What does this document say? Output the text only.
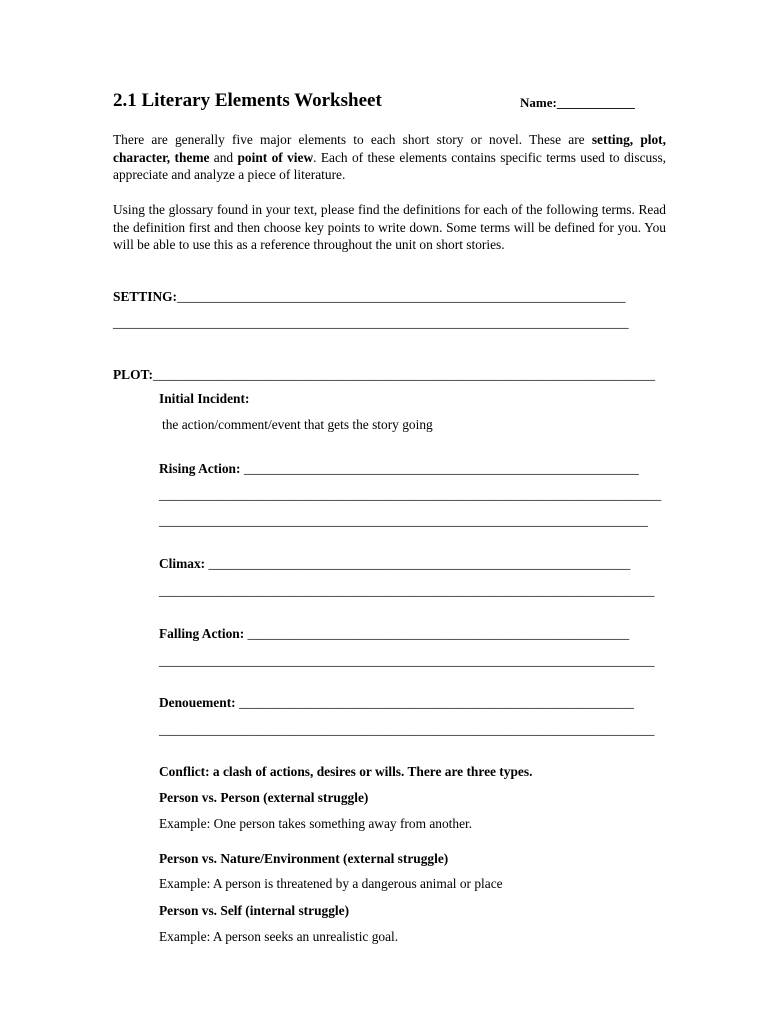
2.1 Literary Elements Worksheet	Name:____________

There are generally five major elements to each short story or novel. These are setting, plot, character, theme and point of view. Each of these elements contains specific terms used to discuss, appreciate and analyze a piece of literature.

Using the glossary found in your text, please find the definitions for each of the following terms. Read the definition first and then choose key points to write down. Some terms will be defined for you. You will be able to use this as a reference throughout the unit on short stories.

SETTING:___________________________________________________________________
_____________________________________________________________________________
PLOT:___________________________________________________________________________
Initial Incident:
the action/comment/event that gets the story going
Rising Action: ___________________________________________________________
___________________________________________________________________________
_________________________________________________________________________
Climax: _______________________________________________________________
__________________________________________________________________________
Falling Action: _________________________________________________________
__________________________________________________________________________
Denouement: ___________________________________________________________
__________________________________________________________________________
Conflict: a clash of actions, desires or wills. There are three types.
Person vs. Person (external struggle)
Example: One person takes something away from another.
Person vs. Nature/Environment (external struggle)
Example: A person is threatened by a dangerous animal or place
Person vs. Self (internal struggle)
Example: A person seeks an unrealistic goal.
